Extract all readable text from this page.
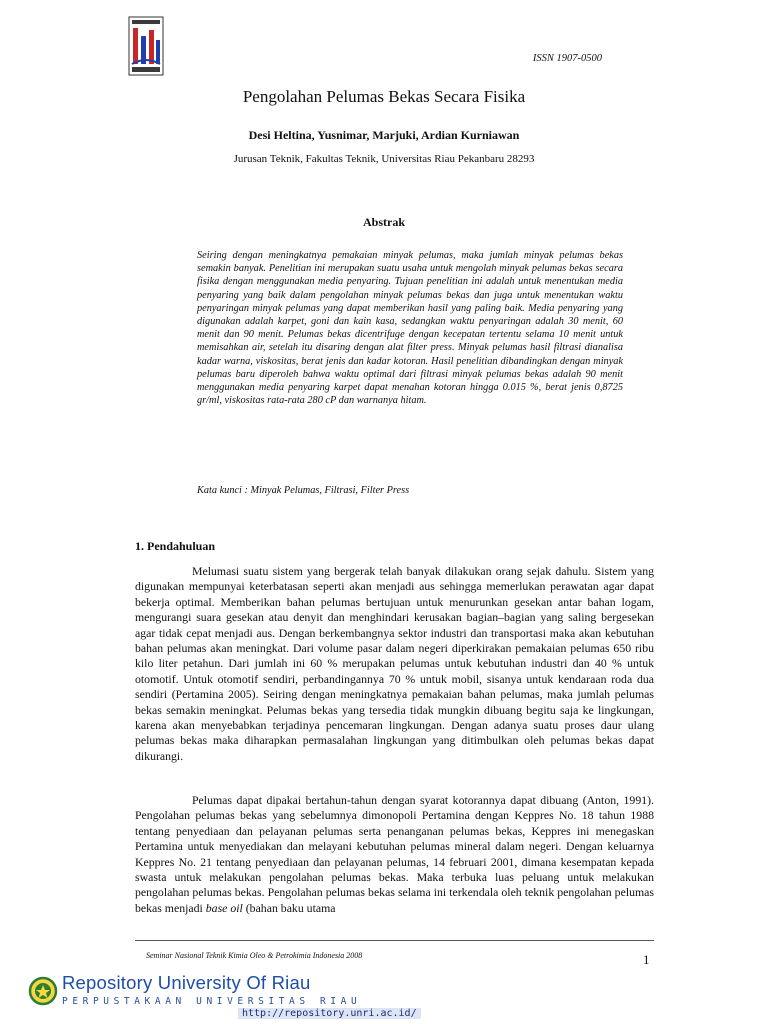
ISSN 1907-0500
Pengolahan Pelumas Bekas Secara Fisika
Desi Heltina, Yusnimar, Marjuki, Ardian Kurniawan
Jurusan Teknik, Fakultas Teknik, Universitas Riau Pekanbaru 28293
Abstrak
Seiring dengan meningkatnya pemakaian minyak pelumas, maka jumlah minyak pelumas bekas semakin banyak. Penelitian ini merupakan suatu usaha untuk mengolah minyak pelumas bekas secara fisika dengan menggunakan media penyaring. Tujuan penelitian ini adalah untuk menentukan media penyaring yang baik dalam pengolahan minyak pelumas bekas dan juga untuk menentukan waktu penyaringan minyak pelumas yang dapat memberikan hasil yang paling baik. Media penyaring yang digunakan adalah karpet, goni dan kain kasa, sedangkan waktu penyaringan adalah 30 menit, 60 menit dan 90 menit. Pelumas bekas dicentrifuge dengan kecepatan tertentu selama 10 menit untuk memisahkan air, setelah itu disaring dengan alat filter press. Minyak pelumas hasil filtrasi dianalisa kadar warna, viskositas, berat jenis dan kadar kotoran. Hasil penelitian dibandingkan dengan minyak pelumas baru diperoleh bahwa waktu optimal dari filtrasi minyak pelumas bekas adalah 90 menit menggunakan media penyaring karpet dapat menahan kotoran hingga 0.015 %, berat jenis 0,8725 gr/ml, viskositas rata-rata 280 cP dan warnanya hitam.
Kata kunci : Minyak Pelumas, Filtrasi, Filter Press
1. Pendahuluan
Melumasi suatu sistem yang bergerak telah banyak dilakukan orang sejak dahulu. Sistem yang digunakan mempunyai keterbatasan seperti akan menjadi aus sehingga memerlukan perawatan agar dapat bekerja optimal. Memberikan bahan pelumas bertujuan untuk menurunkan gesekan antar bahan logam, mengurangi suara gesekan atau denyit dan menghindari kerusakan bagian–bagian yang saling bergesekan agar tidak cepat menjadi aus. Dengan berkembangnya sektor industri dan transportasi maka akan kebutuhan bahan pelumas akan meningkat. Dari volume pasar dalam negeri diperkirakan pemakaian pelumas 650 ribu kilo liter petahun. Dari jumlah ini 60 % merupakan pelumas untuk kebutuhan industri dan 40 % untuk otomotif. Untuk otomotif sendiri, perbandingannya 70 % untuk mobil, sisanya untuk kendaraan roda dua sendiri (Pertamina 2005). Seiring dengan meningkatnya pemakaian bahan pelumas, maka jumlah pelumas bekas semakin meningkat. Pelumas bekas yang tersedia tidak mungkin dibuang begitu saja ke lingkungan, karena akan menyebabkan terjadinya pencemaran lingkungan. Dengan adanya suatu proses daur ulang pelumas bekas maka diharapkan permasalahan lingkungan yang ditimbulkan oleh pelumas bekas dapat dikurangi.
Pelumas dapat dipakai bertahun-tahun dengan syarat kotorannya dapat dibuang (Anton, 1991). Pengolahan pelumas bekas yang sebelumnya dimonopoli Pertamina dengan Keppres No. 18 tahun 1988 tentang penyediaan dan pelayanan pelumas serta penanganan pelumas bekas, Keppres ini menegaskan Pertamina untuk menyediakan dan melayani kebutuhan pelumas mineral dalam negeri. Dengan keluarnya Keppres No. 21 tentang penyediaan dan pelayanan pelumas, 14 februari 2001, dimana kesempatan kepada swasta untuk melakukan pengolahan pelumas bekas. Maka terbuka luas peluang untuk melakukan pengolahan pelumas bekas. Pengolahan pelumas bekas selama ini terkendala oleh teknik pengolahan pelumas bekas menjadi base oil (bahan baku utama
Seminar Nasional Teknik Kimia Oleo & Petrokimia Indonesia 2008	1
Repository University Of Riau
PERPUSTAKAAN UNIVERSITAS RIAU
http://repository.unri.ac.id/
